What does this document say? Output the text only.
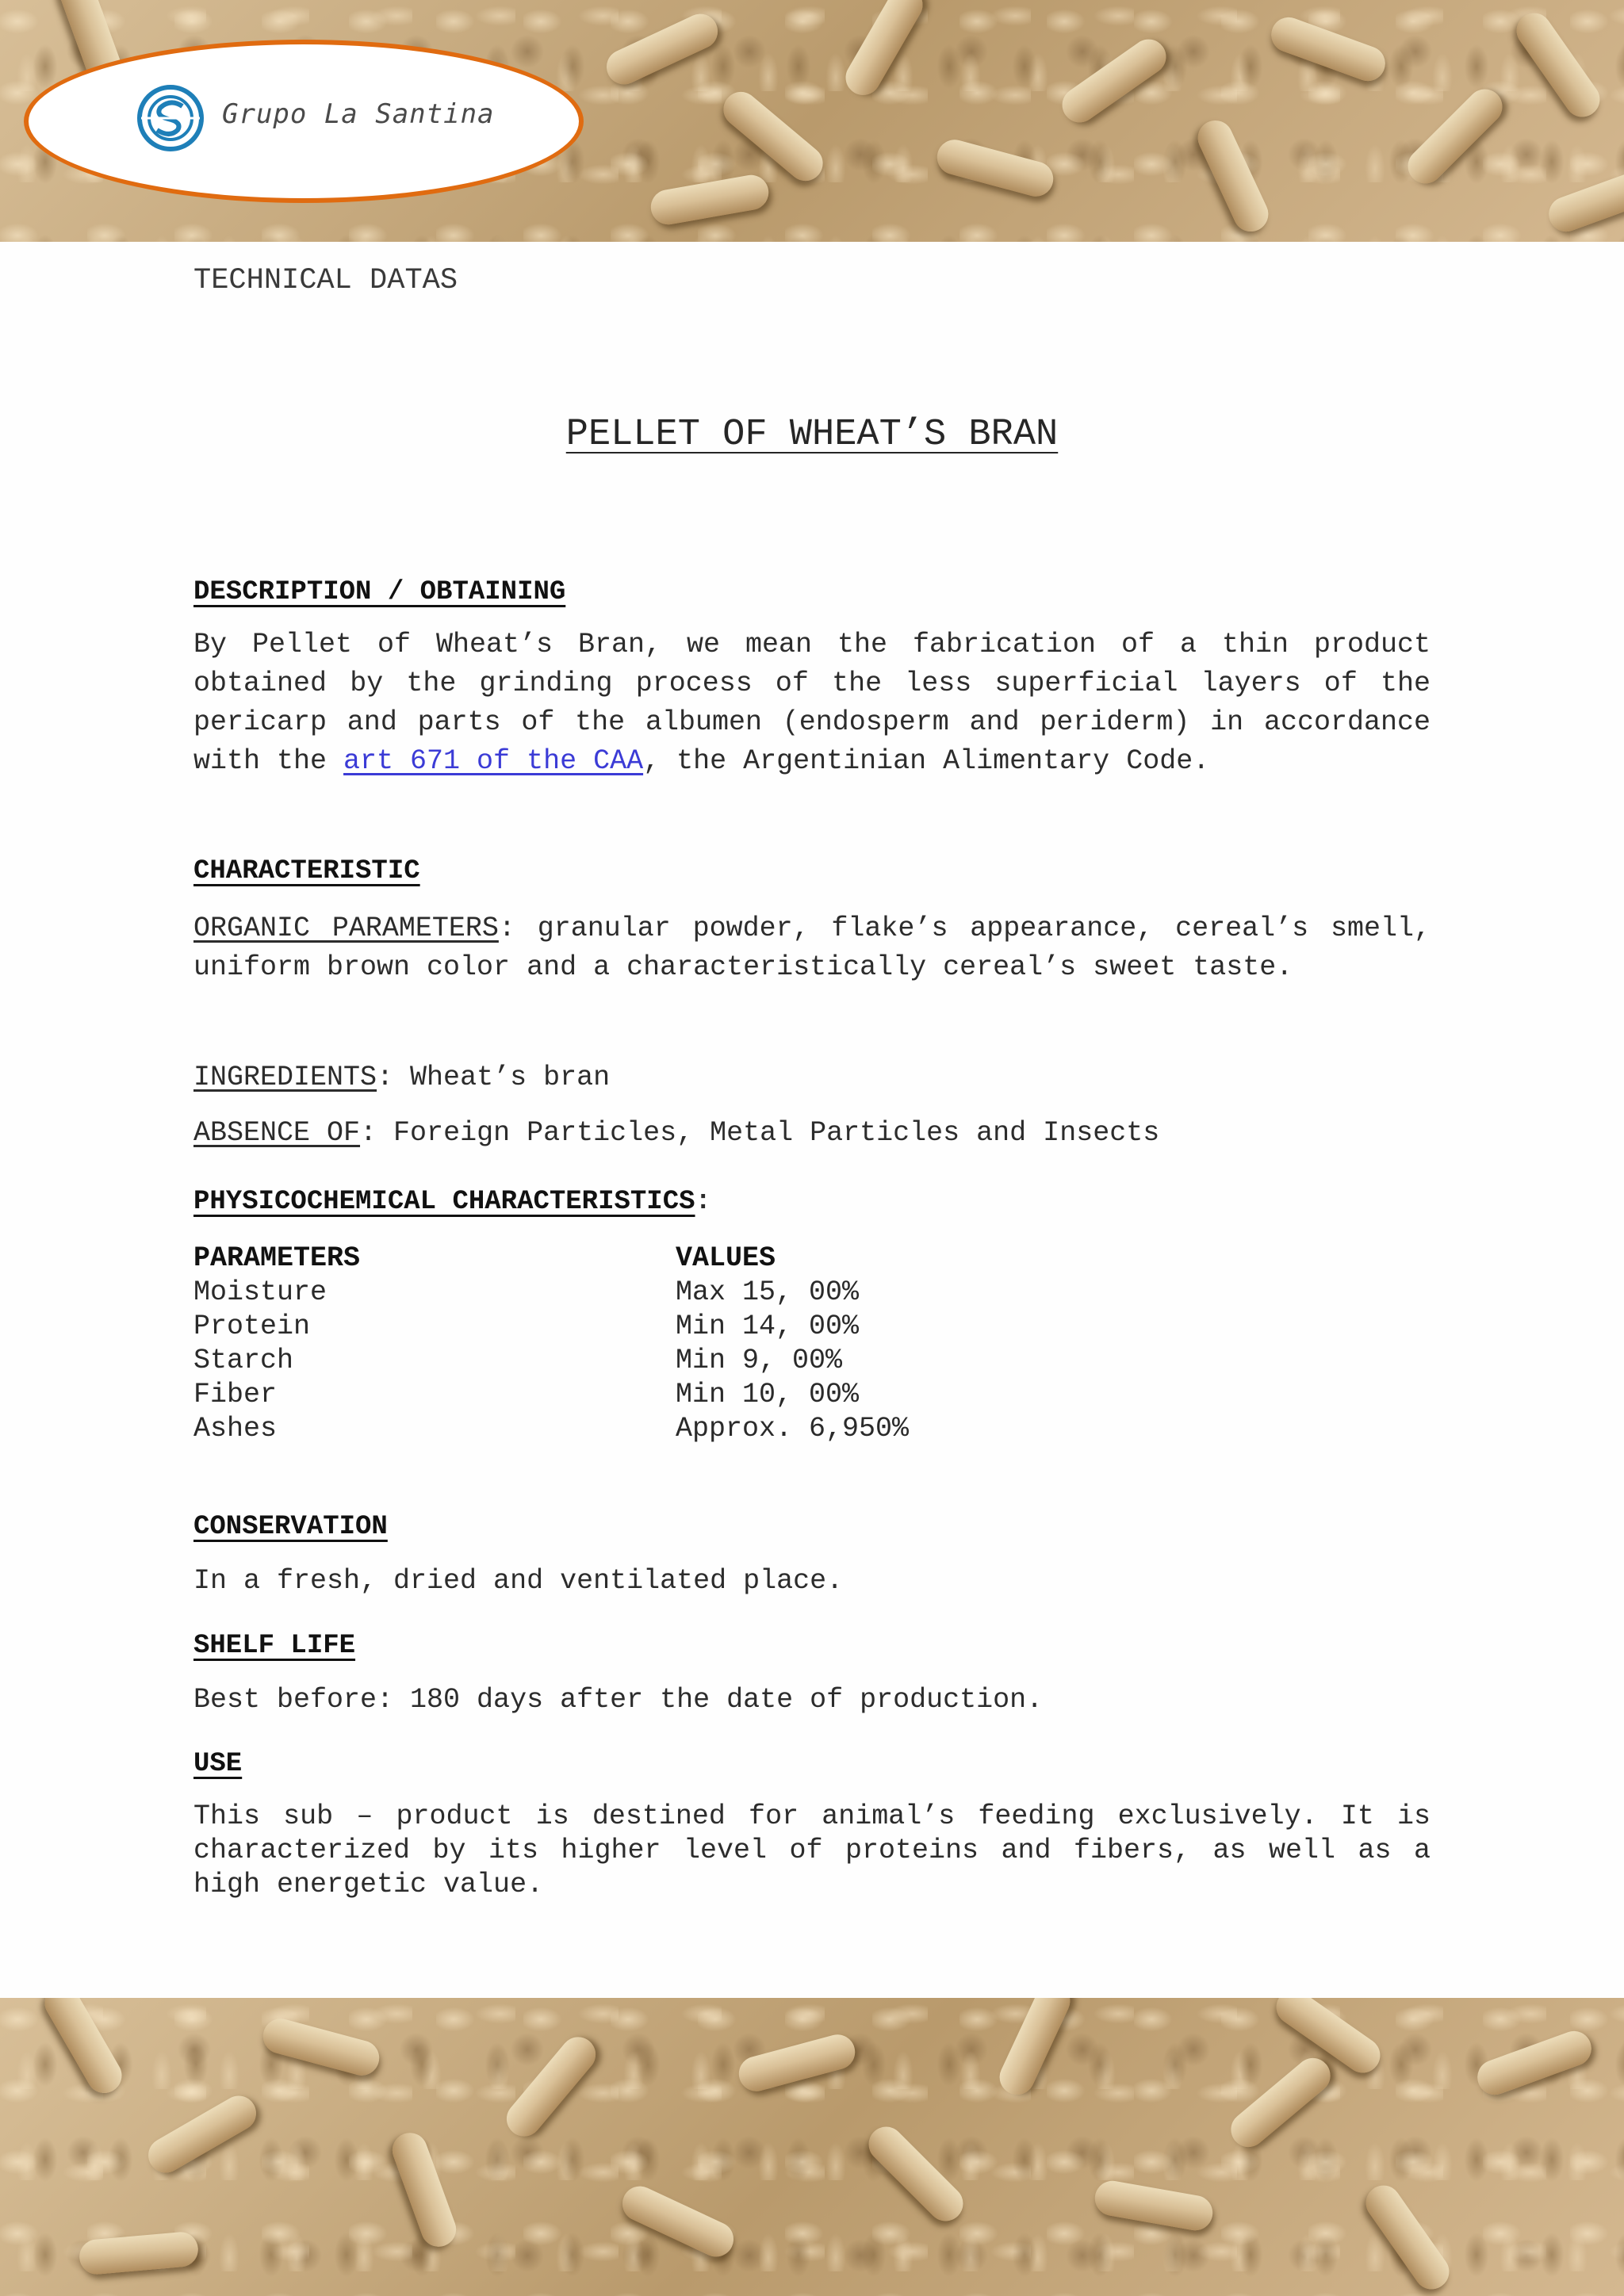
Grupo La Santina
TECHNICAL DATAS
PELLET OF WHEAT’S BRAN
DESCRIPTION / OBTAINING
By Pellet of Wheat’s Bran, we mean the fabrication of a thin product obtained by the grinding process of the less superficial layers of the pericarp and parts of the albumen (endosperm and periderm) in accordance with the art 671 of the CAA, the Argentinian Alimentary Code.
CHARACTERISTIC
ORGANIC PARAMETERS: granular powder, flake’s appearance, cereal’s smell, uniform brown color and a characteristically cereal’s sweet taste.
INGREDIENTS: Wheat’s bran
ABSENCE OF: Foreign Particles, Metal Particles and Insects
PHYSICOCHEMICAL CHARACTERISTICS:
PARAMETERS	VALUES
Moisture	Max 15, 00%
Protein	Min 14, 00%
Starch	Min 9, 00%
Fiber	Min 10, 00%
Ashes	Approx. 6,950%
CONSERVATION
In a fresh, dried and ventilated place.
SHELF LIFE
Best before: 180 days after the date of production.
USE
This sub – product is destined for animal’s feeding exclusively. It is characterized by its higher level of proteins and fibers, as well as a high energetic value.
